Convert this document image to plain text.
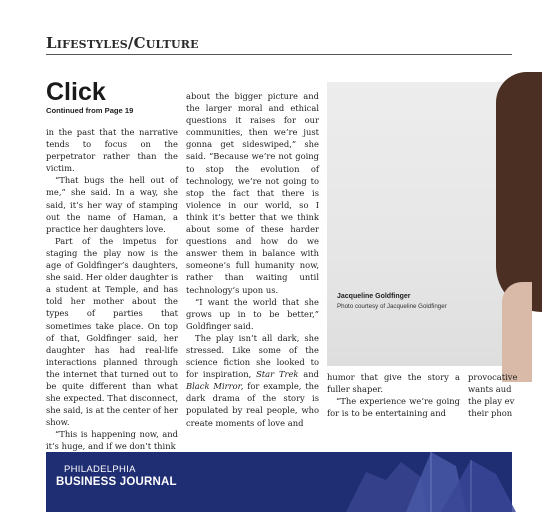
Lifestyles/Culture
Click
Continued from Page 19

in the past that the narrative tends to focus on the perpetrator rather than the victim.

“That bugs the hell out of me,” she said. In a way, she said, it’s her way of stamping out the name of Haman, a practice her daughters love.

Part of the impetus for staging the play now is the age of Goldfinger’s daughters, she said. Her older daughter is a student at Temple, and has told her mother about the types of parties that sometimes take place. On top of that, Goldfinger said, her daughter has had real-life interactions planned through the internet that turned out to be quite different than what she expected. That disconnect, she said, is at the center of her show.

“This is happening now, and it’s huge, and if we don’t think

about the bigger picture and the larger moral and ethical questions it raises for our communities, then we’re just gonna get sideswiped,” she said. “Because we’re not going to stop the evolution of technology, we’re not going to stop the fact that there is violence in our world, so I think it’s better that we think about some of these harder questions and how do we answer them in balance with someone’s full humanity now, rather than waiting until technology’s upon us.

“I want the world that she grows up in to be better,” Goldfinger said.

The play isn’t all dark, she stressed. Like some of the science fiction she looked to for inspiration, Star Trek and Black Mirror, for example, the dark drama of the story is populated by real people, who create moments of love and

Jacqueline Goldfinger
Photo courtesy of Jacqueline Goldfinger

humor that give the story a fuller shaper.

“The experience we’re going for is to be entertaining and

provocative
wants aud
the play ev
their phon
PHILADELPHIA
BUSINESS JOURNAL
